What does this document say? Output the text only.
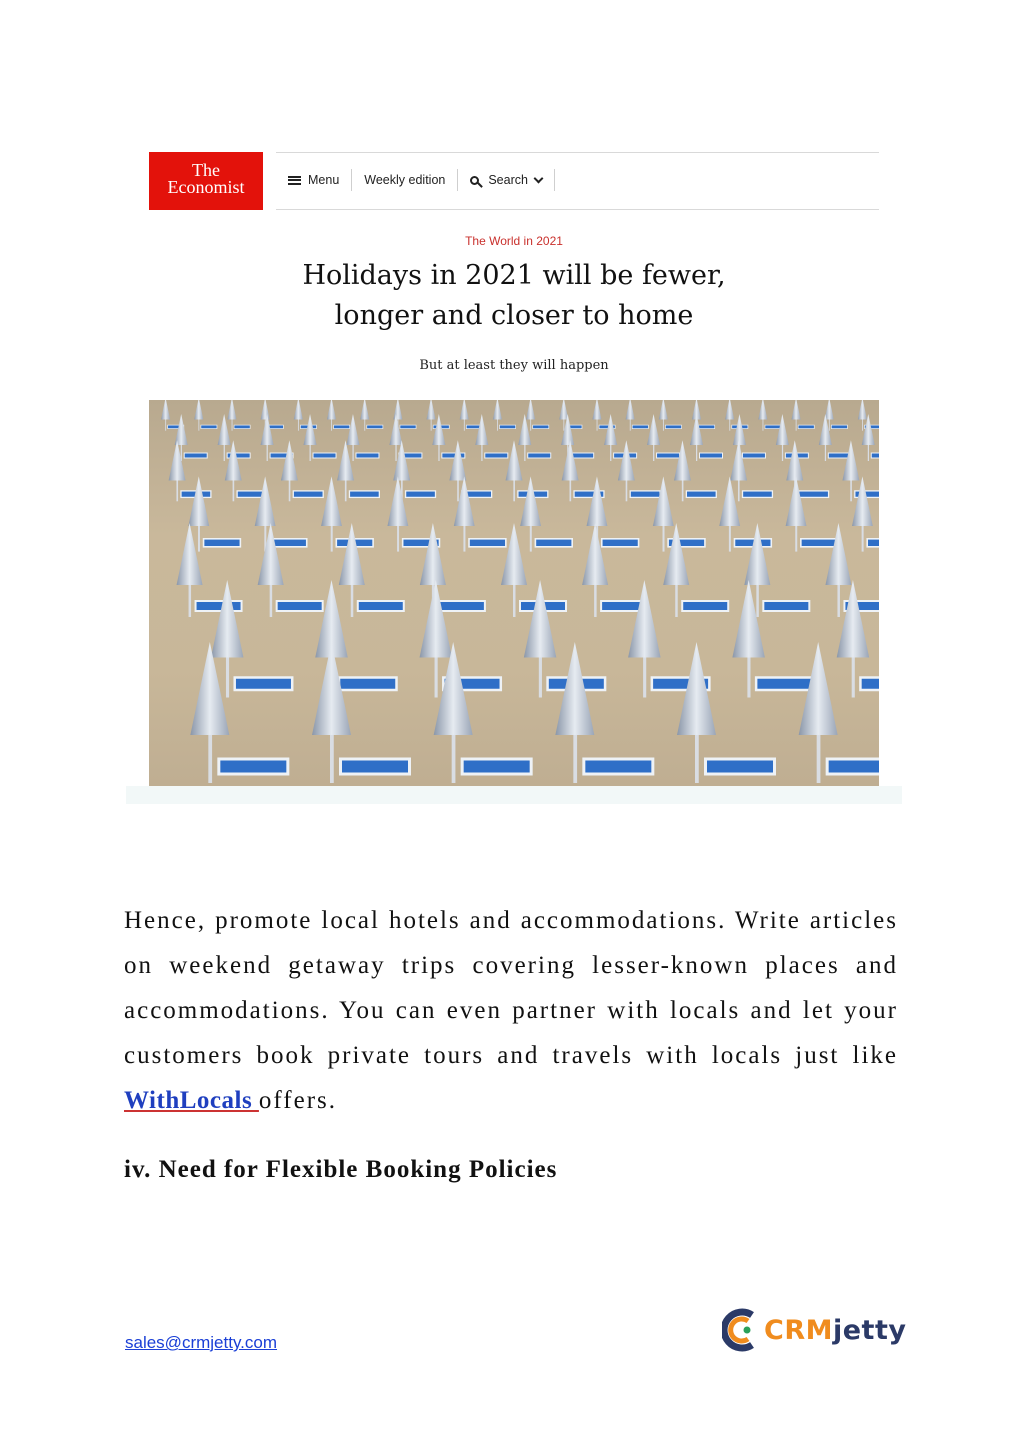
The
Economist	Menu Weekly edition	Search
The World in 2021
Holidays in 2021 will be fewer,
longer and closer to home
But at least they will happen
Hence, promote local hotels and accommodations. Write articles on weekend getaway trips covering lesser-known places and accommodations. You can even partner with locals and let your customers book private tours and travels with locals just like WithLocals offers.
iv. Need for Flexible Booking Policies
sales@crmjetty.com	CRMjetty
